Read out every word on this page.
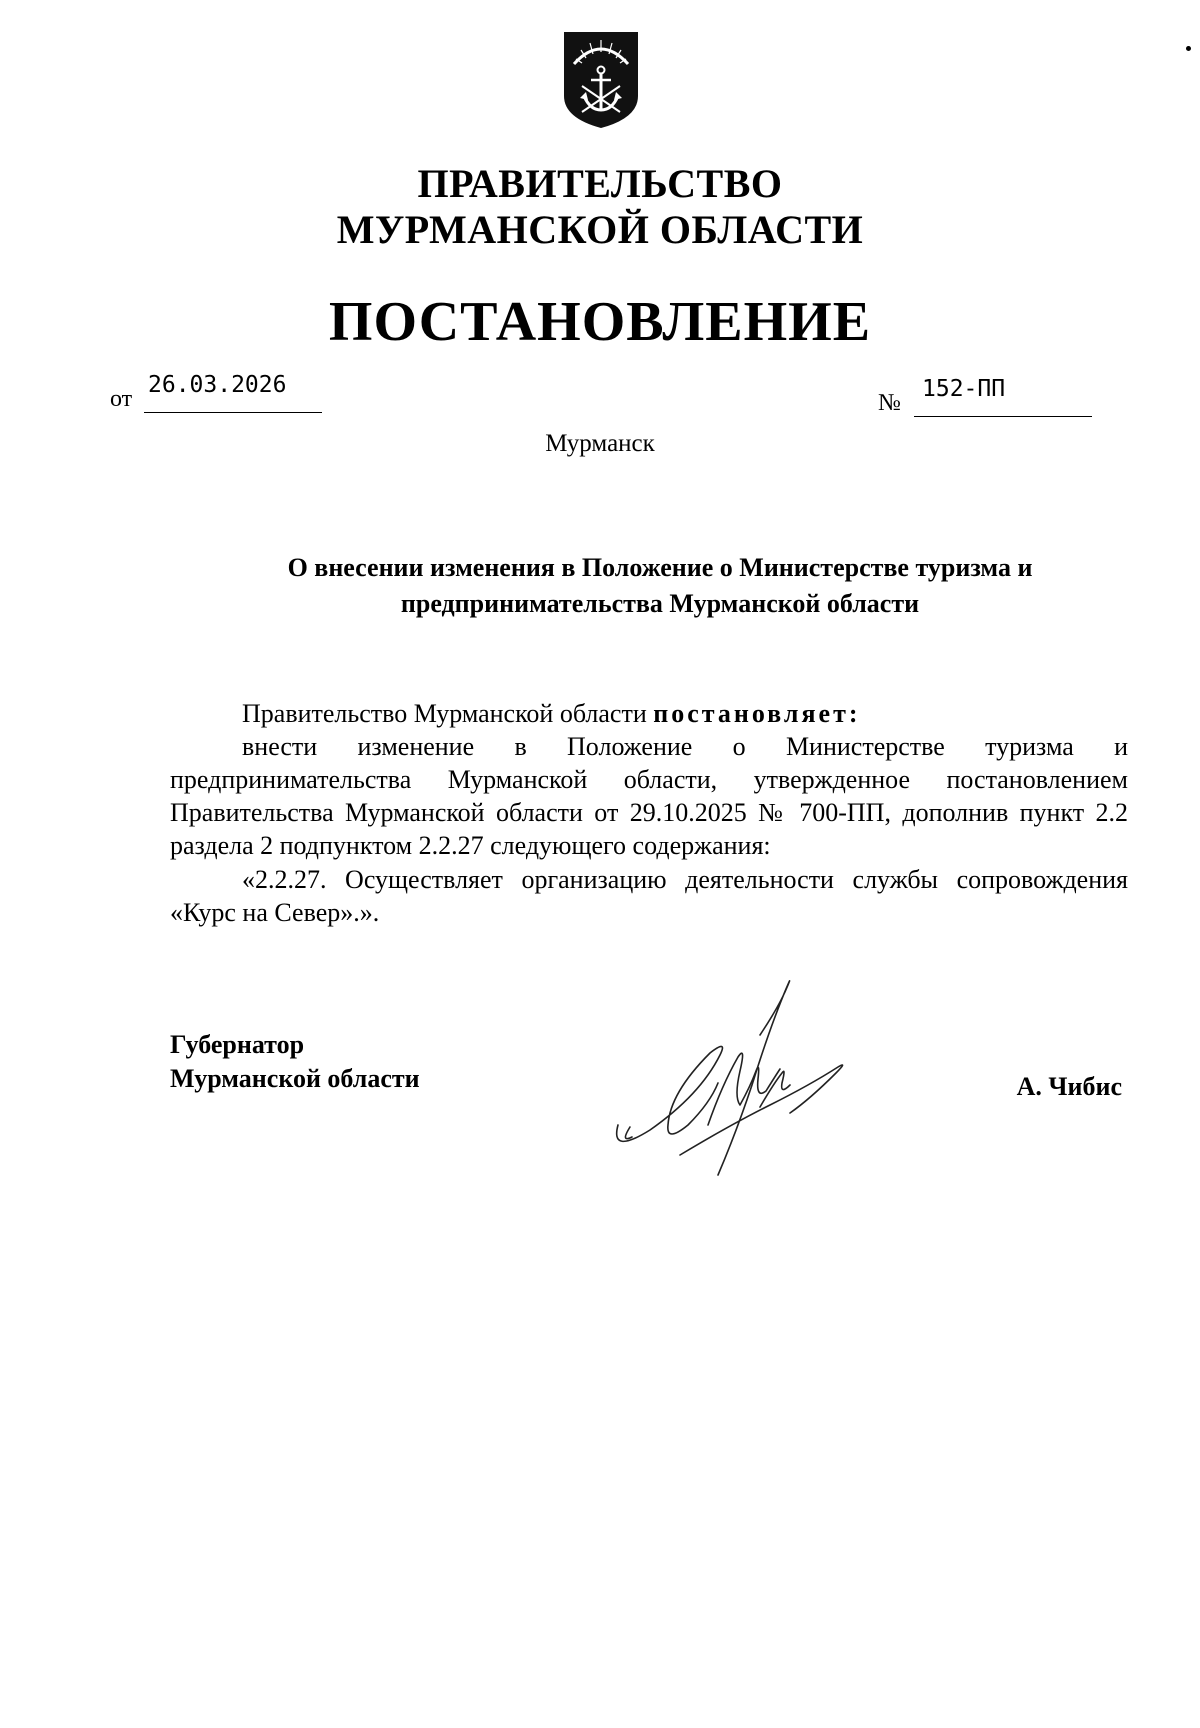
ПРАВИТЕЛЬСТВО
МУРМАНСКОЙ ОБЛАСТИ
ПОСТАНОВЛЕНИЕ
от
26.03.2026
№
152-ПП
Мурманск
О внесении изменения в Положение о Министерстве туризма и
предпринимательства Мурманской области
Правительство Мурманской области постановляет:
внести изменение в Положение о Министерстве туризма и предпринимательства Мурманской области, утвержденное постановлением Правительства Мурманской области от 29.10.2025 № 700-ПП, дополнив пункт 2.2 раздела 2 подпунктом 2.2.27 следующего содержания:
«2.2.27. Осуществляет организацию деятельности службы сопровождения «Курс на Север».».
Губернатор
Мурманской области	А. Чибис
